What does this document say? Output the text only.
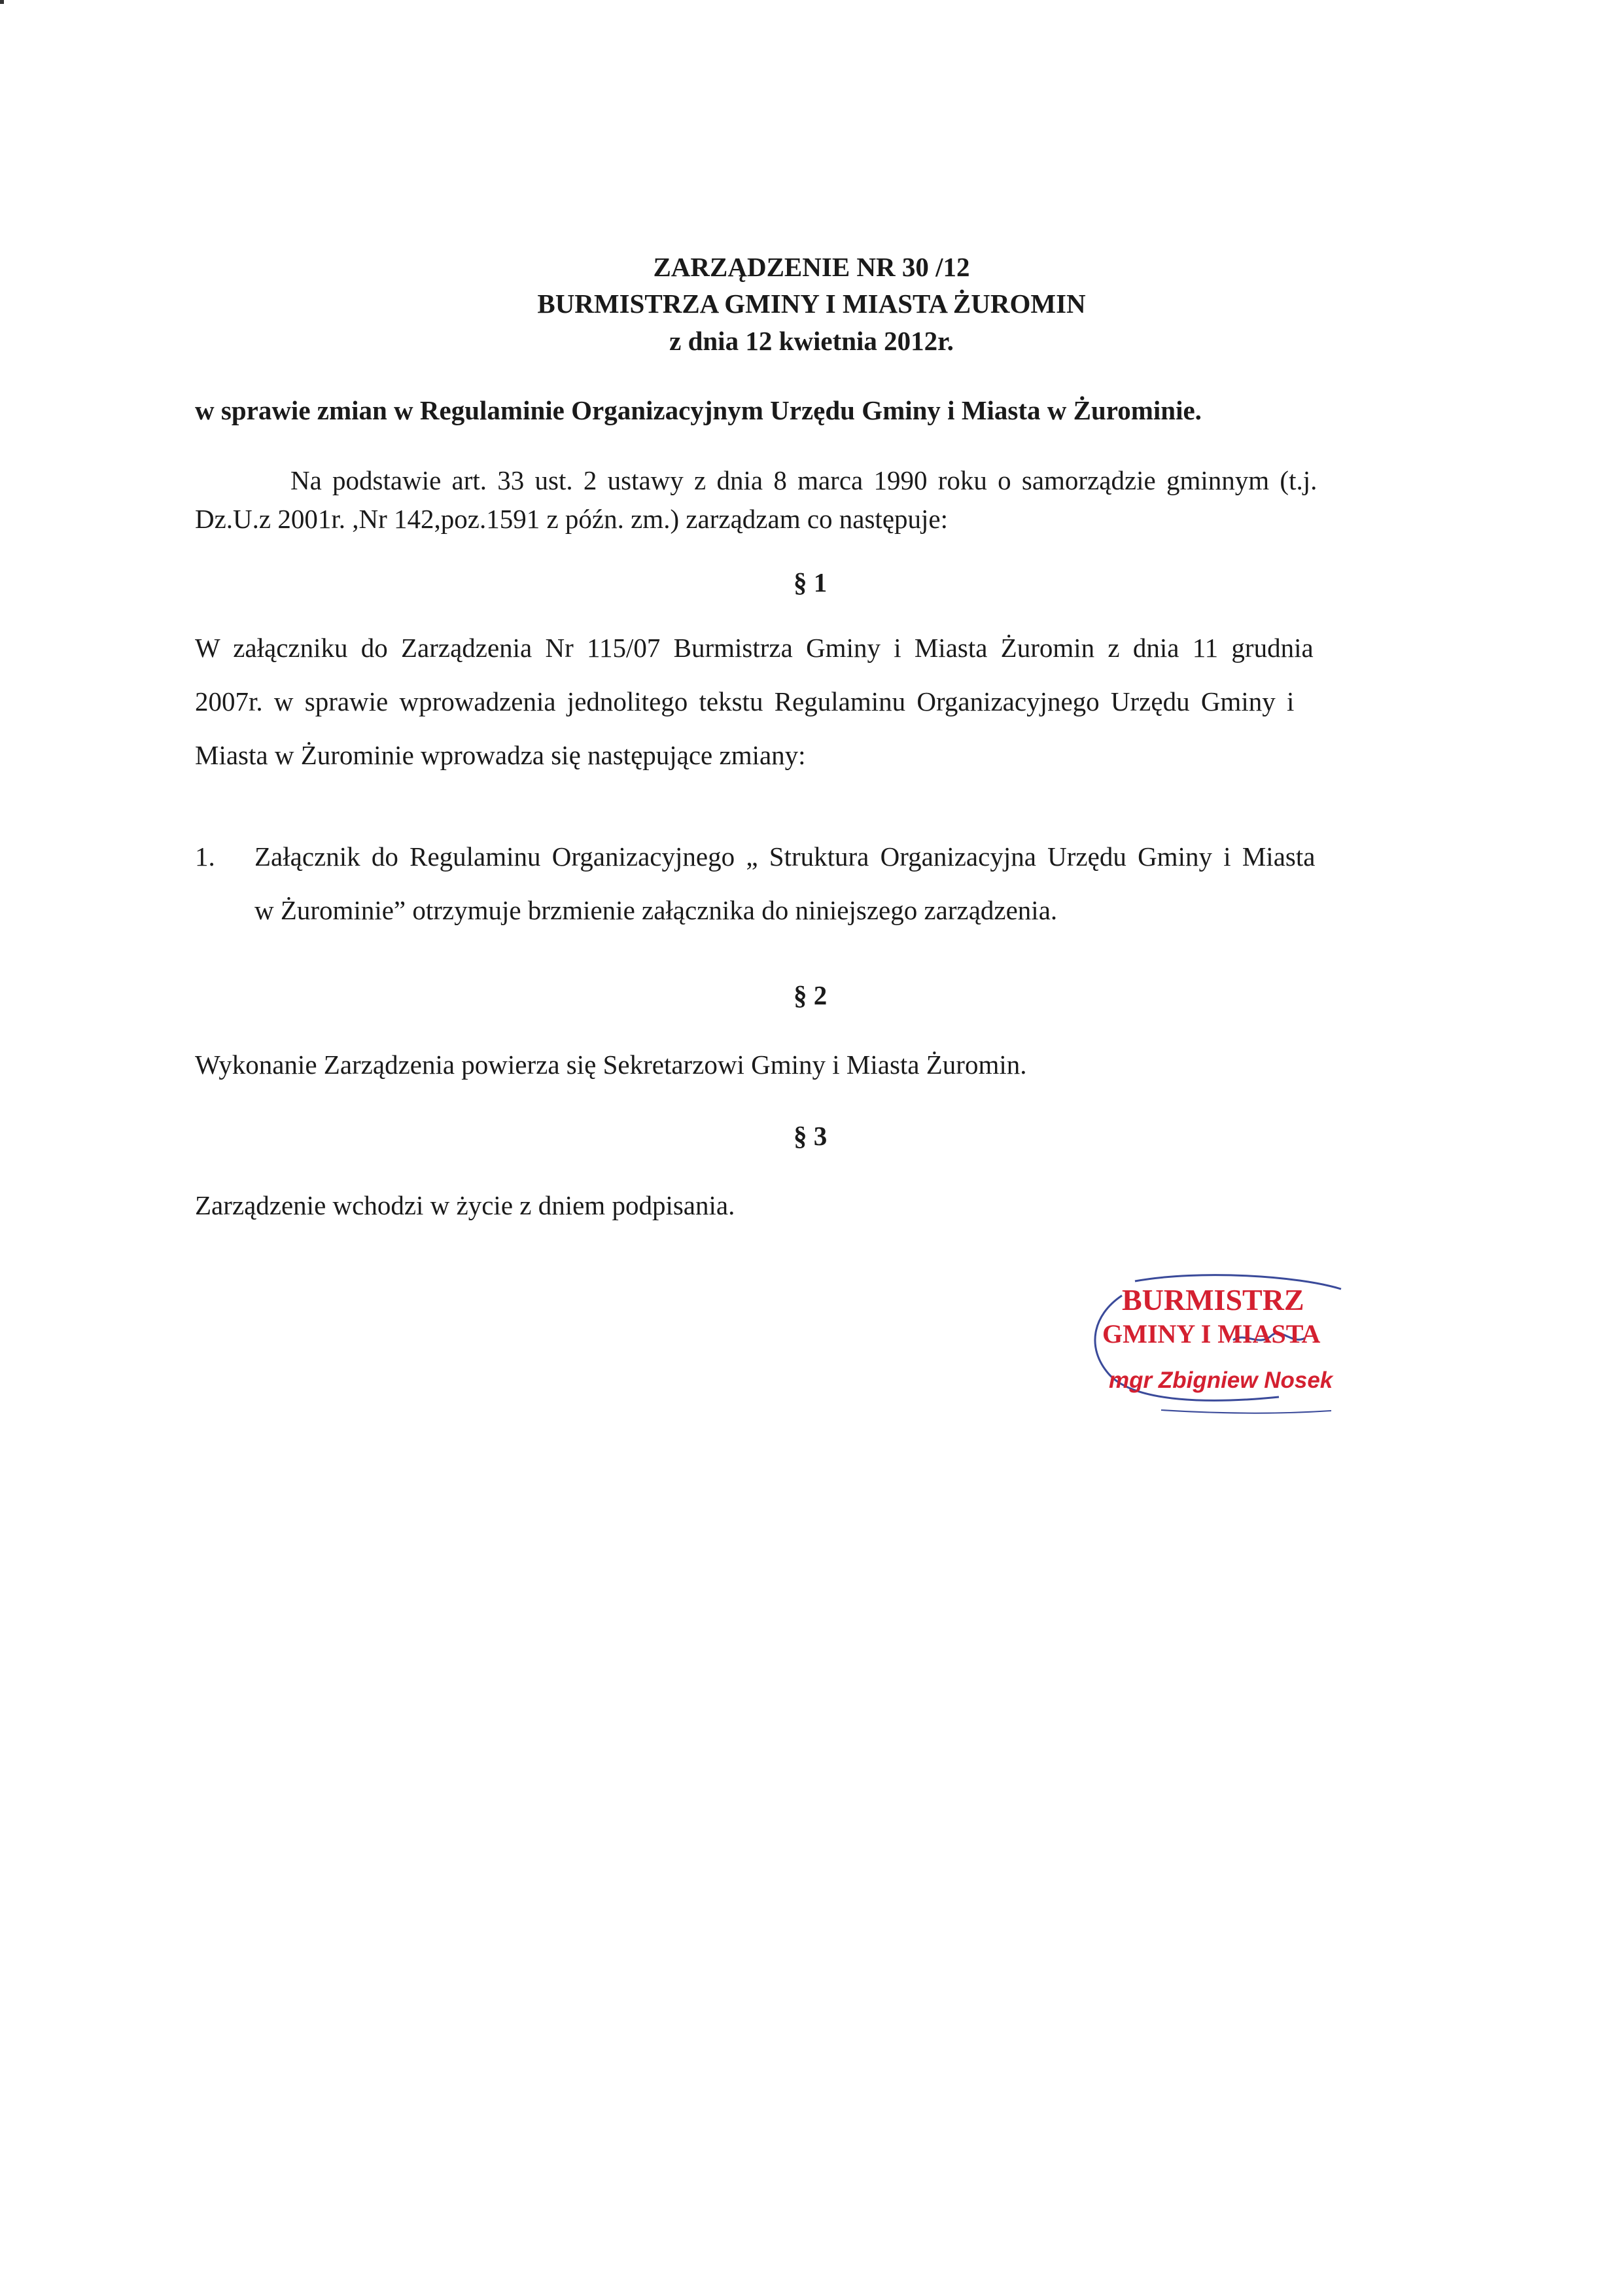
ZARZĄDZENIE NR 30 /12
BURMISTRZA GMINY I MIASTA ŻUROMIN
z dnia 12 kwietnia 2012r.
w sprawie zmian w Regulaminie Organizacyjnym Urzędu Gminy i Miasta w Żurominie.
Na podstawie art. 33 ust. 2 ustawy z dnia 8 marca 1990 roku o samorządzie gminnym (t.j.
Dz.U.z 2001r. ,Nr 142,poz.1591 z późn. zm.) zarządzam co następuje:
§ 1
W załączniku do Zarządzenia Nr 115/07 Burmistrza Gminy i Miasta Żuromin z dnia 11 grudnia
2007r. w sprawie wprowadzenia jednolitego tekstu Regulaminu Organizacyjnego Urzędu Gminy i
Miasta w Żurominie wprowadza się następujące zmiany:
1. Załącznik do Regulaminu Organizacyjnego „ Struktura Organizacyjna Urzędu Gminy i Miasta
w Żurominie” otrzymuje brzmienie załącznika do niniejszego zarządzenia.
§ 2
Wykonanie Zarządzenia powierza się Sekretarzowi Gminy i Miasta Żuromin.
§ 3
Zarządzenie wchodzi w życie z dniem podpisania.
BURMISTRZ
GMINY I MIASTA
mgr Zbigniew Nosek
